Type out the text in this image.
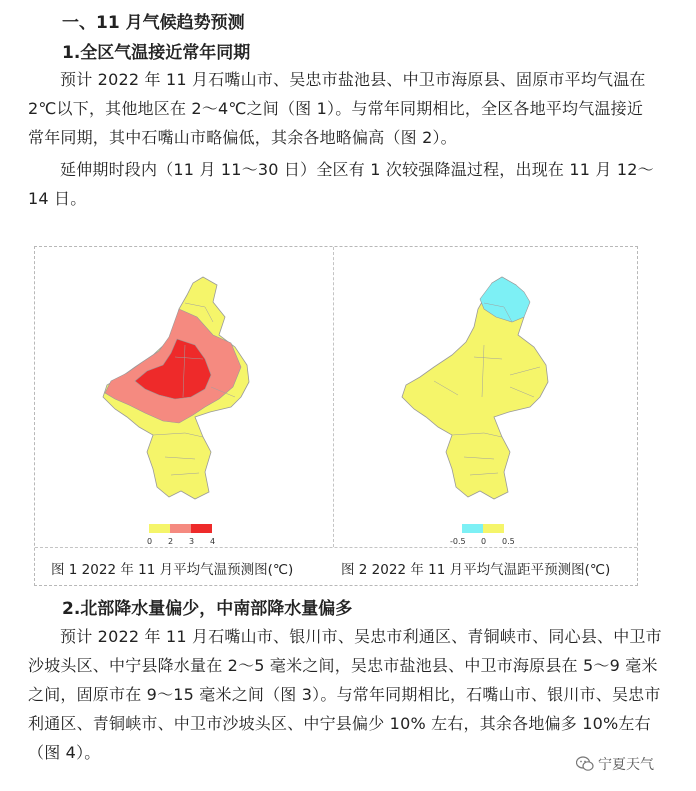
一、11 月气候趋势预测
1.全区气温接近常年同期
预计 2022 年 11 月石嘴山市、吴忠市盐池县、中卫市海原县、固原市平均气温在 2℃以下，其他地区在 2～4℃之间（图 1）。与常年同期相比，全区各地平均气温接近常年同期，其中石嘴山市略偏低，其余各地略偏高（图 2）。
延伸期时段内（11 月 11～30 日）全区有 1 次较强降温过程，出现在 11 月 12～14 日。
0 2 3 4	-0.5 0 0.5
图 1 2022 年 11 月平均气温预测图(℃)	图 2 2022 年 11 月平均气温距平预测图(℃)
2.北部降水量偏少，中南部降水量偏多
预计 2022 年 11 月石嘴山市、银川市、吴忠市利通区、青铜峡市、同心县、中卫市沙坡头区、中宁县降水量在 2～5 毫米之间，吴忠市盐池县、中卫市海原县在 5～9 毫米之间，固原市在 9～15 毫米之间（图 3）。与常年同期相比，石嘴山市、银川市、吴忠市利通区、青铜峡市、中卫市沙坡头区、中宁县偏少 10% 左右，其余各地偏多 10%左右（图 4）。
宁夏天气
